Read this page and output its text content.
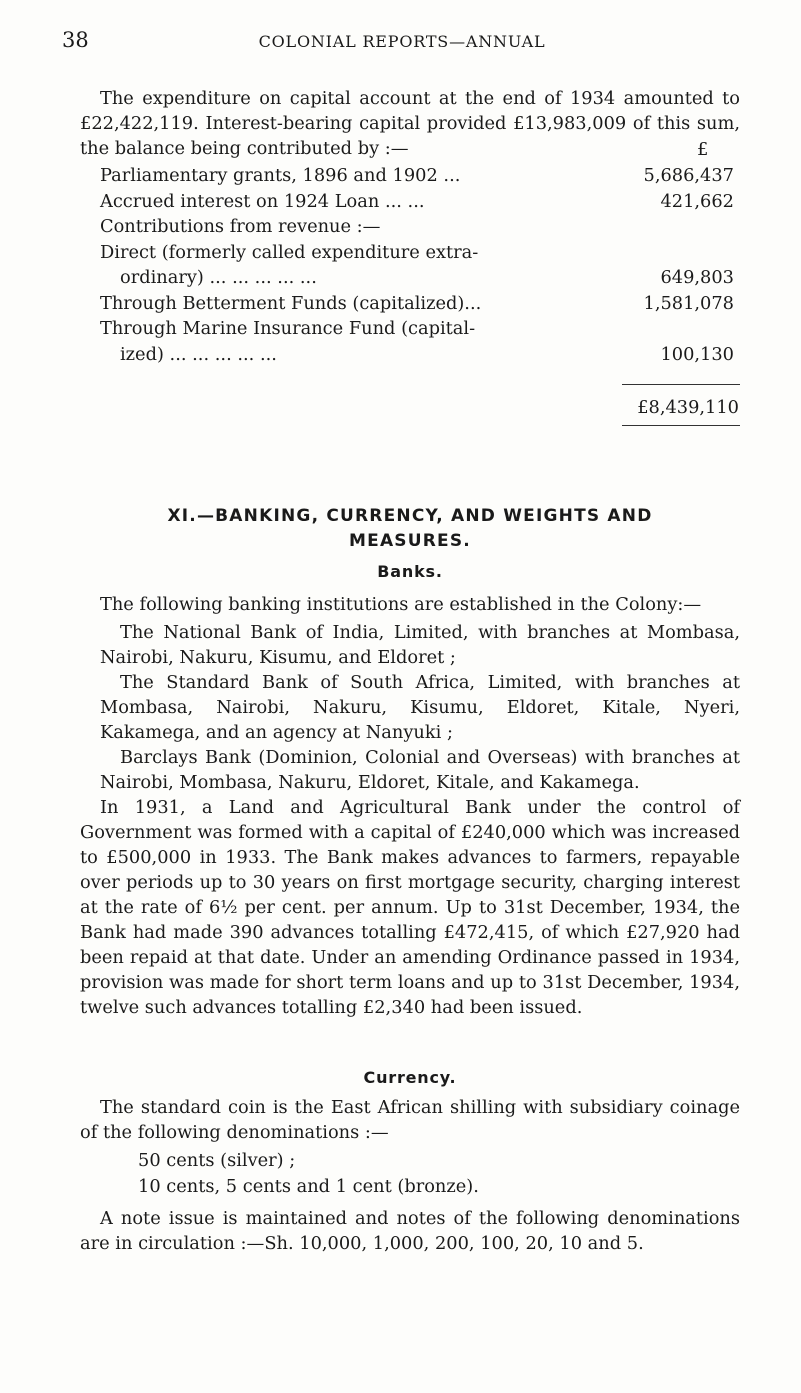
38	COLONIAL REPORTS—ANNUAL

The expenditure on capital account at the end of 1934 amounted to £22,422,119. Interest-bearing capital provided £13,983,009 of this sum, the balance being contributed by :—	£
Parliamentary grants, 1896 and 1902 ...	5,686,437
Accrued interest on 1924 Loan ... ...	421,662
Contributions from revenue :—
Direct (formerly called expenditure extra-
ordinary) ... ... ... ... ...	649,803
Through Betterment Funds (capitalized)...	1,581,078
Through Marine Insurance Fund (capital-
ized) ... ... ... ... ...	100,130
£8,439,110
XI.—BANKING, CURRENCY, AND WEIGHTS AND
MEASURES.
Banks.

The following banking institutions are established in the Colony:—

The National Bank of India, Limited, with branches at Mombasa, Nairobi, Nakuru, Kisumu, and Eldoret ;

The Standard Bank of South Africa, Limited, with branches at Mombasa, Nairobi, Nakuru, Kisumu, Eldoret, Kitale, Nyeri, Kakamega, and an agency at Nanyuki ;

Barclays Bank (Dominion, Colonial and Overseas) with branches at Nairobi, Mombasa, Nakuru, Eldoret, Kitale, and Kakamega.

In 1931, a Land and Agricultural Bank under the control of Government was formed with a capital of £240,000 which was increased to £500,000 in 1933. The Bank makes advances to farmers, repayable over periods up to 30 years on first mortgage security, charging interest at the rate of 6½ per cent. per annum. Up to 31st December, 1934, the Bank had made 390 advances totalling £472,415, of which £27,920 had been repaid at that date. Under an amending Ordinance passed in 1934, provision was made for short term loans and up to 31st December, 1934, twelve such advances totalling £2,340 had been issued.

Currency.

The standard coin is the East African shilling with subsidiary coinage of the following denominations :—

50 cents (silver) ;
10 cents, 5 cents and 1 cent (bronze).

A note issue is maintained and notes of the following denominations are in circulation :—Sh. 10,000, 1,000, 200, 100, 20, 10 and 5.
